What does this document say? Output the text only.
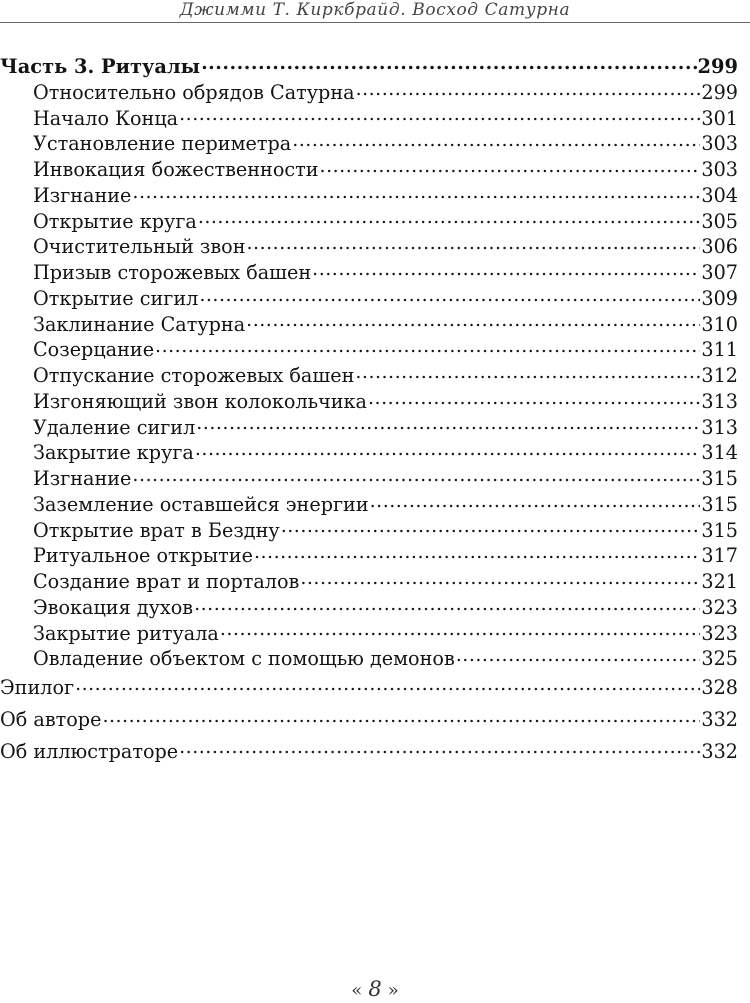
Джимми Т. Киркбрайд. Восход Сатурна
Часть 3. Ритуалы .....	299
Относительно обрядов Сатурна .....	299
Начало Конца .....	301
Установление периметра .....	303
Инвокация божественности .....	303
Изгнание .....	304
Открытие круга .....	305
Очистительный звон .....	306
Призыв сторожевых башен .....	307
Открытие сигил .....	309
Заклинание Сатурна .....	310
Созерцание .....	311
Отпускание сторожевых башен .....	312
Изгоняющий звон колокольчика .....	313
Удаление сигил .....	313
Закрытие круга .....	314
Изгнание .....	315
Заземление оставшейся энергии .....	315
Открытие врат в Бездну .....	315
Ритуальное открытие .....	317
Создание врат и порталов .....	321
Эвокация духов .....	323
Закрытие ритуала .....	323
Овладение объектом с помощью демонов .....	325
Эпилог .....	328
Об авторе .....	332
Об иллюстраторе .....	332
« 8 »
